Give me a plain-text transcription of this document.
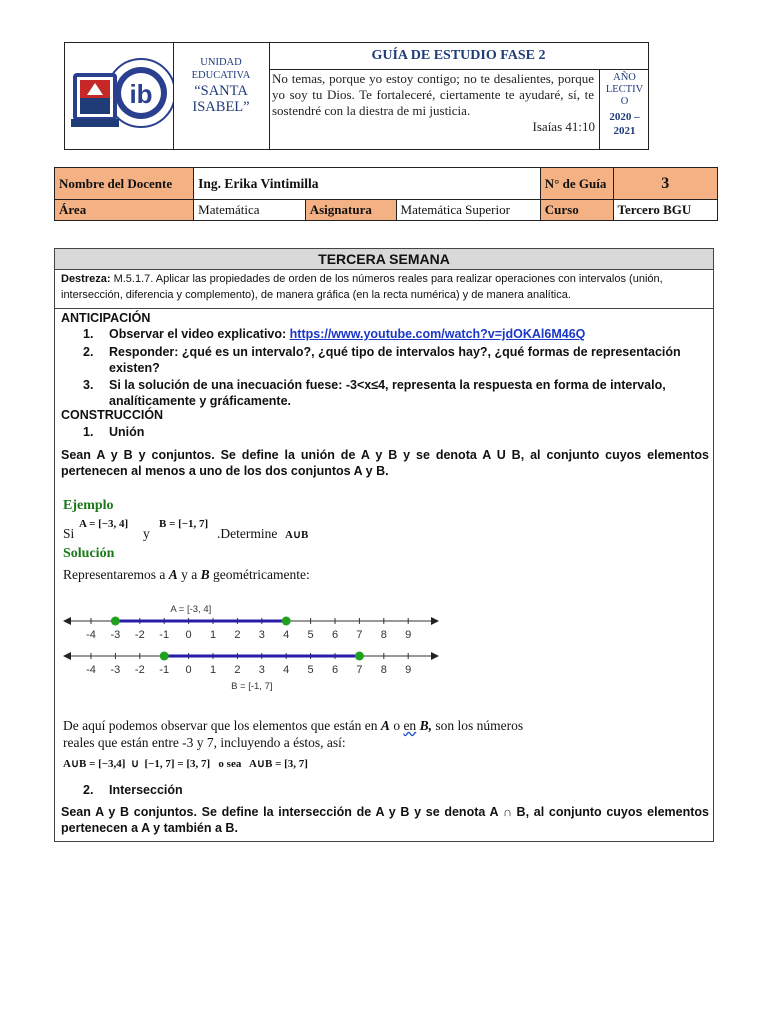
ib
UNIDAD
EDUCATIVA
“SANTA
ISABEL”
GUÍA DE ESTUDIO FASE 2
No temas, porque yo estoy contigo; no te desalientes, porque yo soy tu Dios. Te fortaleceré, ciertamente te ayudaré, sí, te sostendré con la diestra de mi justicia.
Isaías 41:10
AÑO
LECTIV
O
2020 –
2021
Nombre del Docente	Ing. Erika Vintimilla			N° de Guía	3
Área	Matemática	Asignatura	Matemática Superior	Curso	Tercero BGU
TERCERA SEMANA
Destreza: M.5.1.7. Aplicar las propiedades de orden de los números reales para realizar operaciones con intervalos (unión, intersección, diferencia y complemento), de manera gráfica (en la recta numérica) y de manera analítica.
ANTICIPACIÓN
1. Observar el video explicativo: https://www.youtube.com/watch?v=jdOKAl6M46Q
2. Responder: ¿qué es un intervalo?, ¿qué tipo de intervalos hay?, ¿qué formas de representación existen?
3. Si la solución de una inecuación fuese: -3<x≤4, representa la respuesta en forma de intervalo, analíticamente y gráficamente.
CONSTRUCCIÓN
1. Unión
Sean A y B y conjuntos. Se define la unión de A y B y se denota A U B, al conjunto cuyos elementos pertenecen al menos a uno de los dos conjuntos A y B.
Ejemplo
Si
A = [−3, 4]
y
B = [−1, 7]
.Determine A∪B
Solución
Representaremos a A y a B geométricamente:
-4 -3 -2 -1 0 1 2 3 4 5 6 7 8 9
A = [-3, 4]
-4 -3 -2 -1 0 1 2 3 4 5 6 7 8 9
B = [-1, 7]
De aquí podemos observar que los elementos que están en A o en B, son los números
reales que están entre -3 y 7, incluyendo a éstos, así:
A∪B = [−3,4]  ∪  [−1, 7] = [3, 7]   o sea   A∪B = [3, 7]
2. Intersección
Sean A y B conjuntos. Se define la intersección de A y B y se denota A ∩ B, al conjunto cuyos elementos pertenecen a A y también a B.
